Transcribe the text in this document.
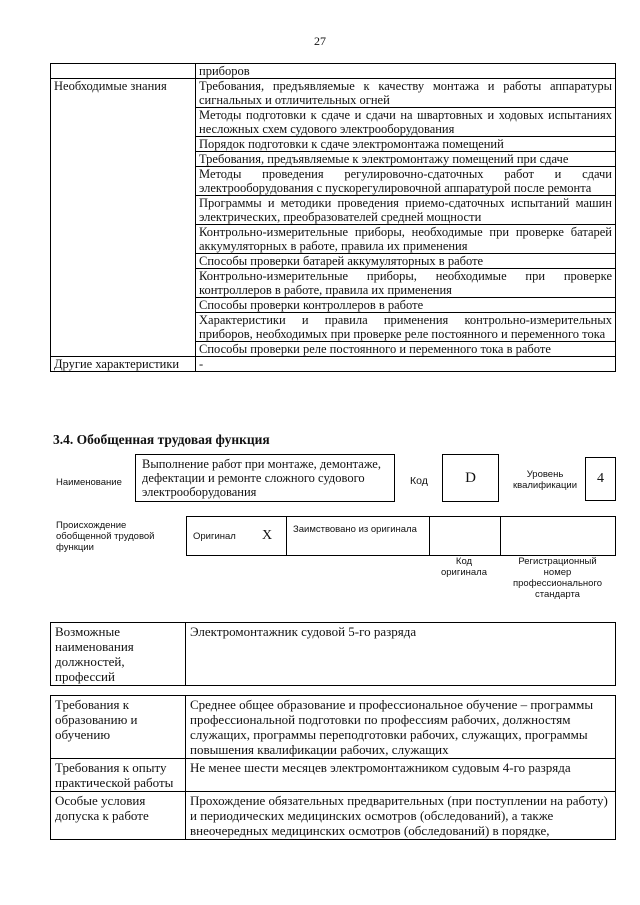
27
	приборов
Необходимые знания	Требования, предъявляемые к качеству монтажа и работы аппаратуры сигнальных и отличительных огней
	Методы подготовки к сдаче и сдачи на швартовных и ходовых испытаниях несложных схем судового электрооборудования
	Порядок подготовки к сдаче электромонтажа помещений
	Требования, предъявляемые к электромонтажу помещений при сдаче
	Методы проведения регулировочно-сдаточных работ и сдачи электрооборудования с пускорегулировочной аппаратурой после ремонта
	Программы и методики проведения приемо-сдаточных испытаний машин электрических, преобразователей средней мощности
	Контрольно-измерительные приборы, необходимые при проверке батарей аккумуляторных в работе, правила их применения
	Способы проверки батарей аккумуляторных в работе
	Контрольно-измерительные приборы, необходимые при проверке контроллеров в работе, правила их применения
	Способы проверки контроллеров в работе
	Характеристики и правила применения контрольно-измерительных приборов, необходимых при проверке реле постоянного и переменного тока
	Способы проверки реле постоянного и переменного тока в работе
Другие характеристики	-
3.4. Обобщенная трудовая функция
Наименование
Выполнение работ при монтаже, демонтаже, дефектации и ремонте сложного судового электрооборудования
Код	D	Уровень квалификации	4
Происхождение обобщенной трудовой функции
Оригинал X Заимствовано из оригинала
Код оригинала
Регистрационный номер профессионального стандарта
Возможные наименования должностей, профессий	Электромонтажник судовой 5-го разряда
Требования к образованию и обучению	Среднее общее образование и профессиональное обучение – программы профессиональной подготовки по профессиям рабочих, должностям служащих, программы переподготовки рабочих, служащих, программы повышения квалификации рабочих, служащих
Требования к опыту практической работы	Не менее шести месяцев электромонтажником судовым 4-го разряда
Особые условия допуска к работе	Прохождение обязательных предварительных (при поступлении на работу) и периодических медицинских осмотров (обследований), а также внеочередных медицинских осмотров (обследований) в порядке,
